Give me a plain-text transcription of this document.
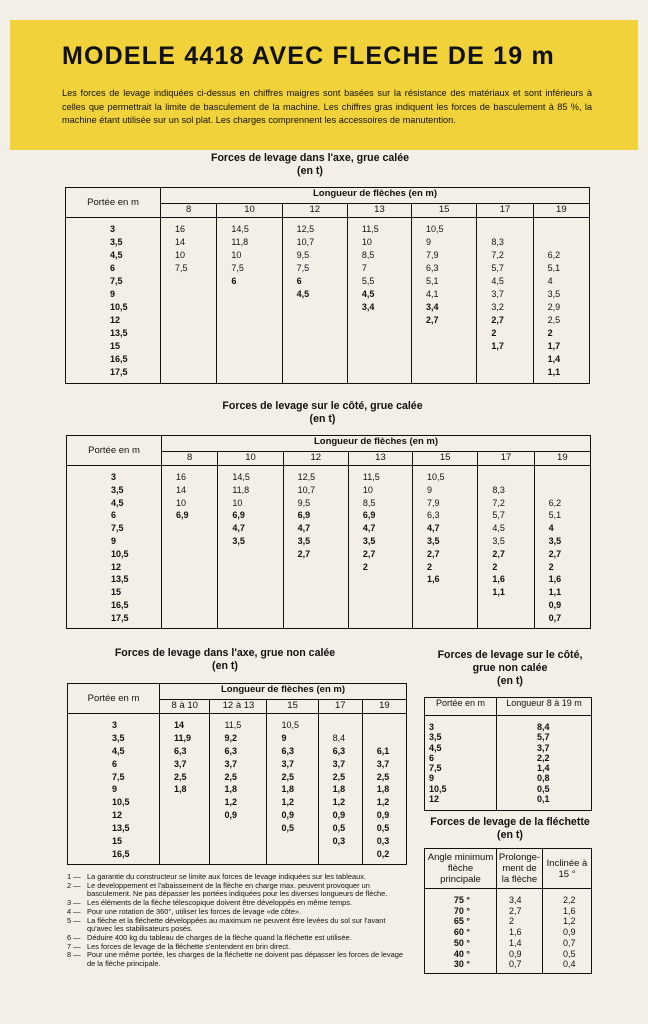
MODELE 4418 AVEC FLECHE DE 19 m
Les forces de levage indiquées ci-dessus en chiffres maigres sont basées sur la résistance des matériaux et sont inférieurs à celles que permettrait la limite de basculement de la machine. Les chiffres gras indiquent les forces de basculement à 85 %, la machine étant utilisée sur un sol plat. Les charges comprennent les accessoires de manutention.
Forces de levage dans l'axe, grue calée
(en t)
Portée en m	Longueur de flèches (en m)						
	8	10	12	13	15	17	19

3	16	14,5	12,5	11,5	10,5		
3,5	14	11,8	10,7	10	9	8,3	
4,5	10	10	9,5	8,5	7,9	7,2	6,2
6	7,5	7,5	7,5	7	6,3	5,7	5,1
7,5		6	6	5,5	5,1	4,5	4
9			4,5	4,5	4,1	3,7	3,5
10,5				3,4	3,4	3,2	2,9
12					2,7	2,7	2,5
13,5						2	2
15						1,7	1,7
16,5							1,4
17,5							1,1

Forces de levage sur le côté, grue calée
(en t)
Portée en m	Longueur de flèches (en m)						
	8	10	12	13	15	17	19

3	16	14,5	12,5	11,5	10,5		
3,5	14	11,8	10,7	10	9	8,3	
4,5	10	10	9,5	8,5	7,9	7,2	6,2
6	6,9	6,9	6,9	6,9	6,3	5,7	5,1
7,5		4,7	4,7	4,7	4,7	4,5	4
9		3,5	3,5	3,5	3,5	3,5	3,5
10,5			2,7	2,7	2,7	2,7	2,7
12				2	2	2	2
13,5					1,6	1,6	1,6
15						1,1	1,1
16,5							0,9
17,5							0,7

Forces de levage dans l'axe, grue non calée
(en t)
Portée en m	Longueur de flèches (en m)				
	8 à 10	12 à 13	15	17	19

3	14	11,5	10,5		
3,5	11,9	9,2	9	8,4	
4,5	6,3	6,3	6,3	6,3	6,1
6	3,7	3,7	3,7	3,7	3,7
7,5	2,5	2,5	2,5	2,5	2,5
9	1,8	1,8	1,8	1,8	1,8
10,5		1,2	1,2	1,2	1,2
12		0,9	0,9	0,9	0,9
13,5			0,5	0,5	0,5
15				0,3	0,3
16,5					0,2

Forces de levage sur le côté,
grue non calée
(en t)
Portée en m	Longueur 8 à 19 m
3	8,4
3,5	5,7
4,5	3,7
6	2,2
7,5	1,4
9	0,8
10,5	0,5
12	0,1

Forces de levage de la fléchette
(en t)
Angle minimum flèche principale	Prolonge- ment de la flèche	Inclinée à 15 °
75 °	3,4	2,2
70 °	2,7	1,6
65 °	2	1,2
60 °	1,6	0,9
50 °	1,4	0,7
40 °	0,9	0,5
30 °	0,7	0,4

1 — La garantie du constructeur se limite aux forces de levage indiquées sur les tableaux.
2 — Le developpement et l'abaissement de la flèche en charge max. peuvent provoquer un basculement. Ne pas dépasser les portées indiquées pour les diverses longueurs de flèche.
3 — Les éléments de la flèche télescopique doivent être développés en même temps.
4 — Pour une rotation de 360°, utiliser les forces de levage «de côte».
5 — La flèche et la fléchette développées au maximum ne peuvent être levées du sol sur l'avant qu'avec les stabilisateurs posés.
6 — Déduire 400 kg du tableau de charges de la flèche quand la fléchette est utilisée.
7 — Les forces de levage de la fléchette s'entendent en brin direct.
8 — Pour une même portée, les charges de la fléchette ne doivent pas dépasser les forces de levage de la flèche principale.
